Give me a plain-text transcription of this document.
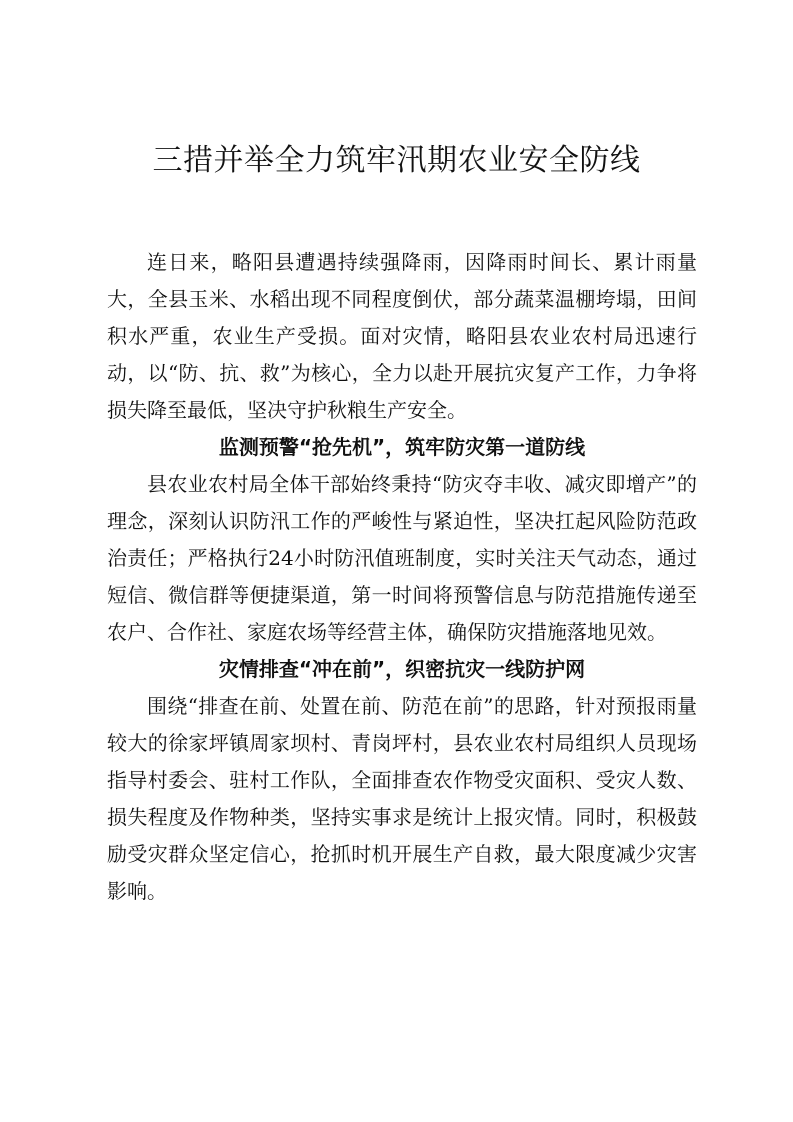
三措并举全力筑牢汛期农业安全防线

连日来，略阳县遭遇持续强降雨，因降雨时间长、累计雨量大，全县玉米、水稻出现不同程度倒伏，部分蔬菜温棚垮塌，田间积水严重，农业生产受损。面对灾情，略阳县农业农村局迅速行动，以“防、抗、救”为核心，全力以赴开展抗灾复产工作，力争将损失降至最低，坚决守护秋粮生产安全。

监测预警“抢先机”，筑牢防灾第一道防线

县农业农村局全体干部始终秉持“防灾夺丰收、减灾即增产”的理念，深刻认识防汛工作的严峻性与紧迫性，坚决扛起风险防范政治责任；严格执行24小时防汛值班制度，实时关注天气动态，通过短信、微信群等便捷渠道，第一时间将预警信息与防范措施传递至农户、合作社、家庭农场等经营主体，确保防灾措施落地见效。

灾情排查“冲在前”，织密抗灾一线防护网

围绕“排查在前、处置在前、防范在前”的思路，针对预报雨量较大的徐家坪镇周家坝村、青岗坪村，县农业农村局组织人员现场指导村委会、驻村工作队，全面排查农作物受灾面积、受灾人数、损失程度及作物种类，坚持实事求是统计上报灾情。同时，积极鼓励受灾群众坚定信心，抢抓时机开展生产自救，最大限度减少灾害影响。
